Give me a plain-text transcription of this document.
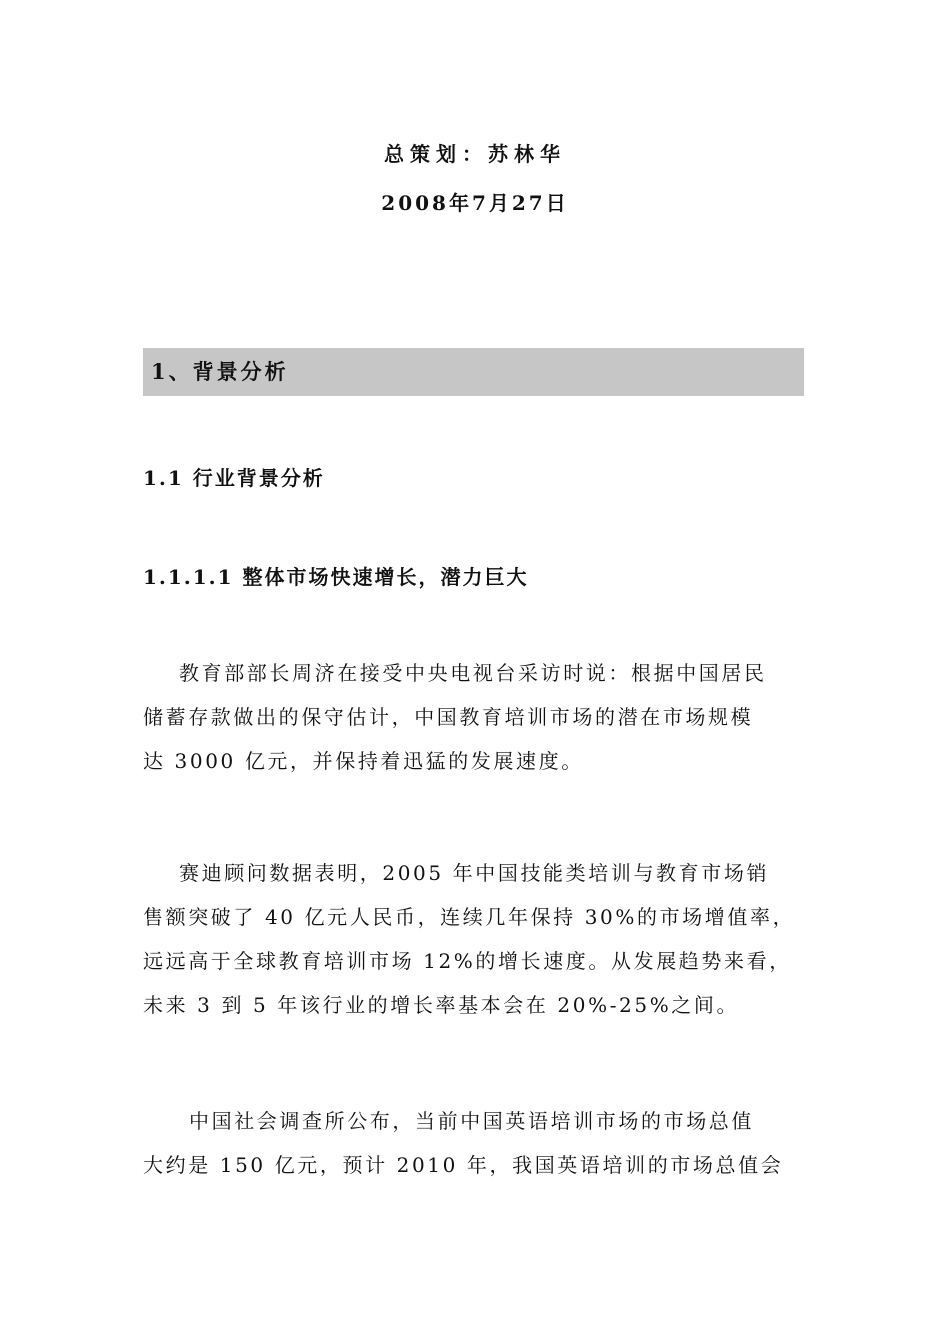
总策划：苏林华
2008年7月27日
1、背景分析
1.1 行业背景分析
1.1.1.1 整体市场快速增长，潜力巨大
教育部部长周济在接受中央电视台采访时说：根据中国居民
储蓄存款做出的保守估计，中国教育培训市场的潜在市场规模
达 3000 亿元，并保持着迅猛的发展速度。
赛迪顾问数据表明，2005 年中国技能类培训与教育市场销
售额突破了 40 亿元人民币，连续几年保持 30%的市场增值率，
远远高于全球教育培训市场 12%的增长速度。从发展趋势来看，
未来 3 到 5 年该行业的增长率基本会在 20%-25%之间。
中国社会调查所公布，当前中国英语培训市场的市场总值
大约是 150 亿元，预计 2010 年，我国英语培训的市场总值会
